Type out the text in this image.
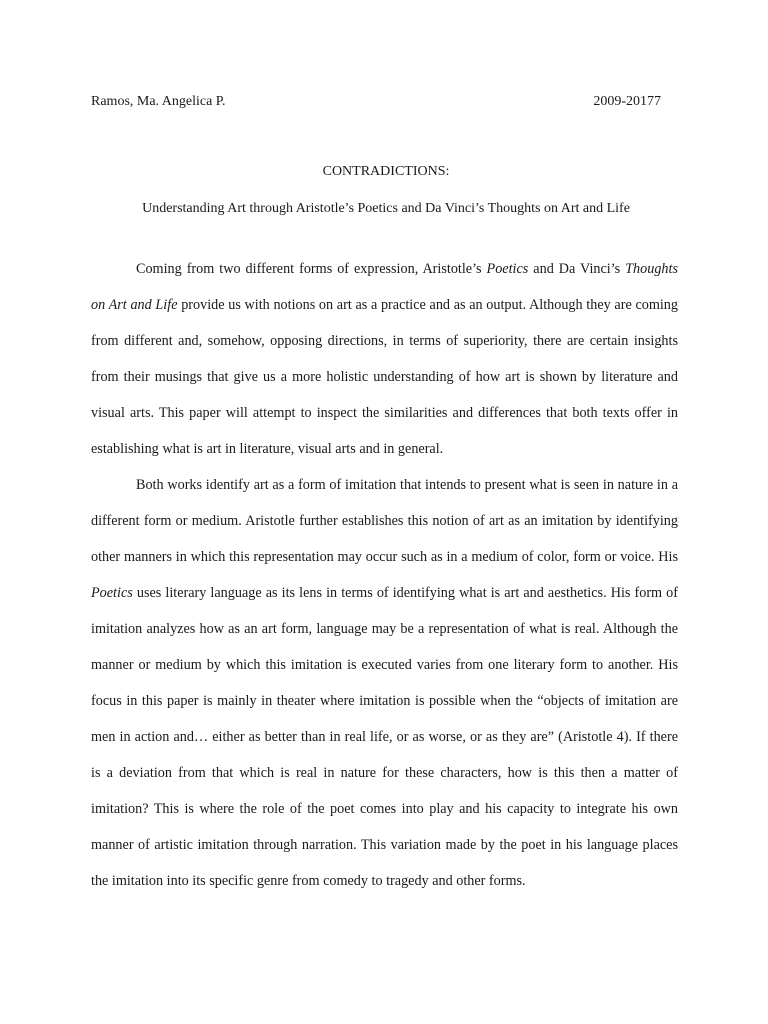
Ramos, Ma. Angelica P.	2009-20177

CONTRADICTIONS:

Understanding Art through Aristotle’s Poetics and Da Vinci’s Thoughts on Art and Life

Coming from two different forms of expression, Aristotle’s Poetics and Da Vinci’s Thoughts on Art and Life provide us with notions on art as a practice and as an output. Although they are coming from different and, somehow, opposing directions, in terms of superiority, there are certain insights from their musings that give us a more holistic understanding of how art is shown by literature and visual arts. This paper will attempt to inspect the similarities and differences that both texts offer in establishing what is art in literature, visual arts and in general.

Both works identify art as a form of imitation that intends to present what is seen in nature in a different form or medium. Aristotle further establishes this notion of art as an imitation by identifying other manners in which this representation may occur such as in a medium of color, form or voice. His Poetics uses literary language as its lens in terms of identifying what is art and aesthetics. His form of imitation analyzes how as an art form, language may be a representation of what is real. Although the manner or medium by which this imitation is executed varies from one literary form to another. His focus in this paper is mainly in theater where imitation is possible when the “objects of imitation are men in action and… either as better than in real life, or as worse, or as they are” (Aristotle 4). If there is a deviation from that which is real in nature for these characters, how is this then a matter of imitation? This is where the role of the poet comes into play and his capacity to integrate his own manner of artistic imitation through narration. This variation made by the poet in his language places the imitation into its specific genre from comedy to tragedy and other forms.
